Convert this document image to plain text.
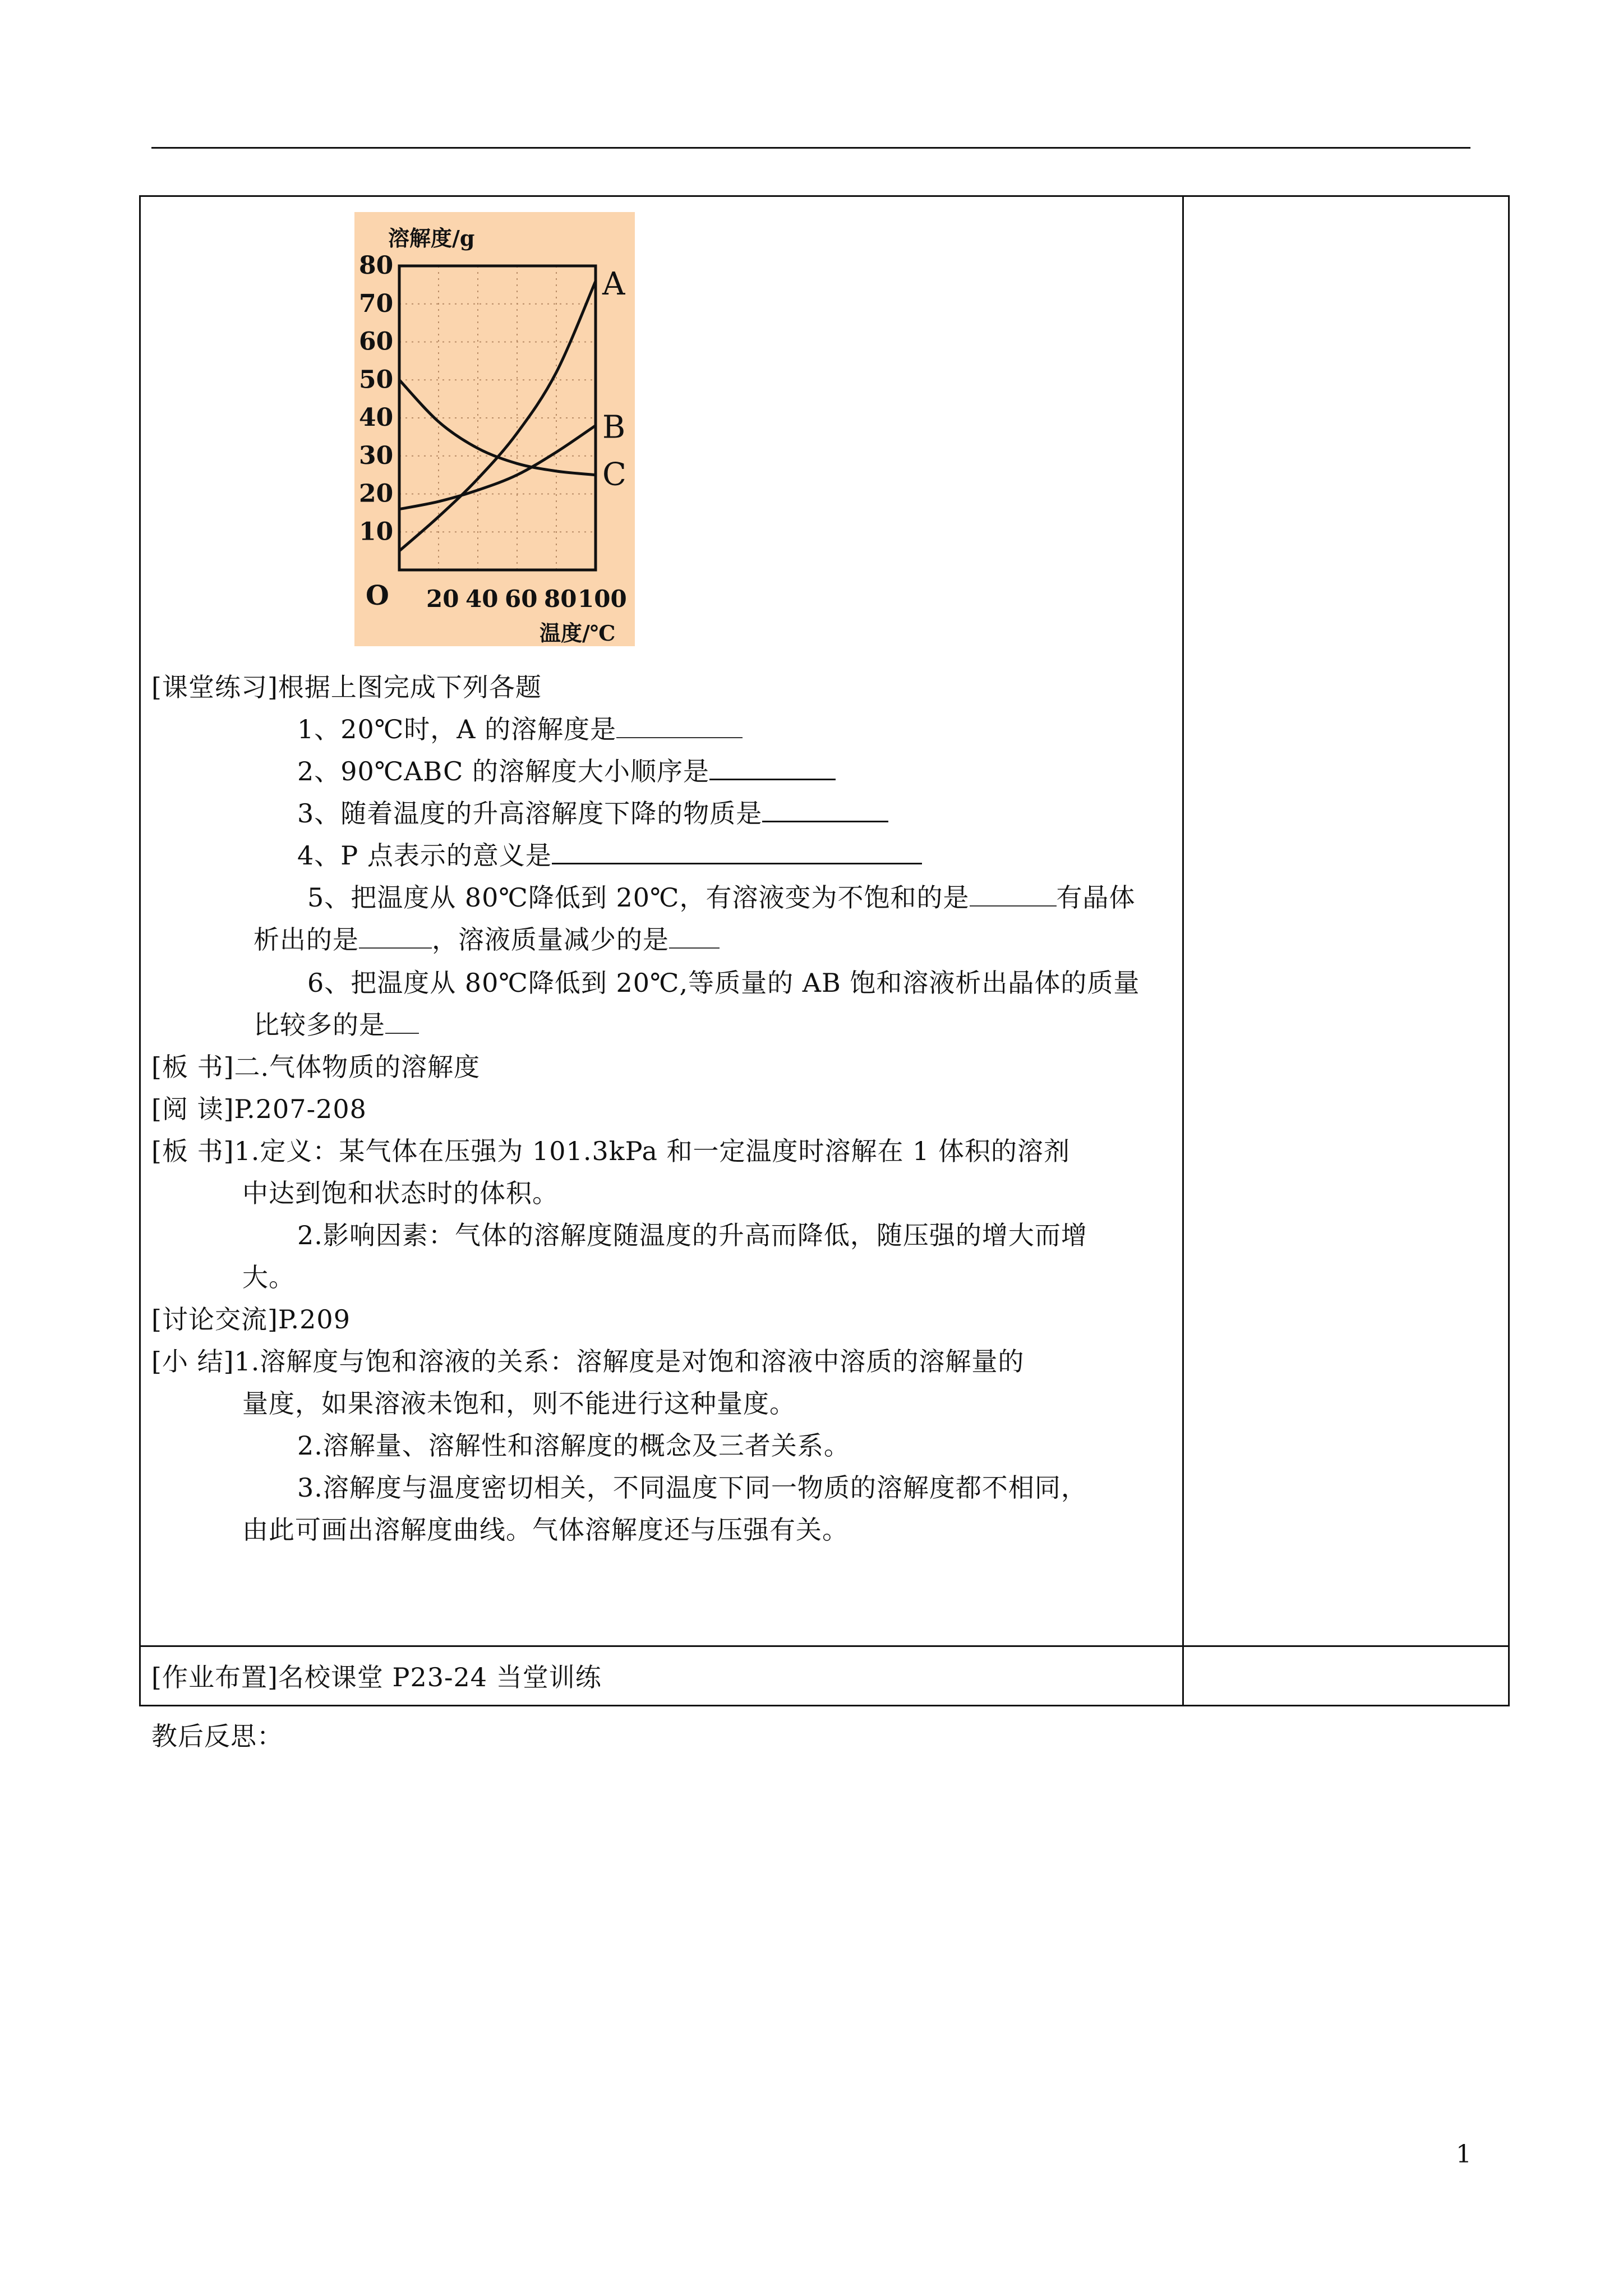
溶解度/g
80
70
60
50
40
30
20
10
O 20 40 60 80 100
温度/℃
A
B
C
[课堂练习]根据上图完成下列各题
1、20℃时，A 的溶解度是
2、90℃ABC 的溶解度大小顺序是
3、随着温度的升高溶解度下降的物质是
4、P 点表示的意义是
5、把温度从 80℃降低到 20℃，有溶液变为不饱和的是	有晶体
析出的是	，溶液质量减少的是
6、把温度从 80℃降低到 20℃,等质量的 AB 饱和溶液析出晶体的质量
比较多的是
[板 书]二.气体物质的溶解度
[阅 读]P.207-208
[板 书]1.定义：某气体在压强为 101.3kPa 和一定温度时溶解在 1 体积的溶剂
中达到饱和状态时的体积。
2.影响因素：气体的溶解度随温度的升高而降低，随压强的增大而增
大。
[讨论交流]P.209
[小 结]1.溶解度与饱和溶液的关系：溶解度是对饱和溶液中溶质的溶解量的
量度，如果溶液未饱和，则不能进行这种量度。
2.溶解量、溶解性和溶解度的概念及三者关系。
3.溶解度与温度密切相关，不同温度下同一物质的溶解度都不相同，
由此可画出溶解度曲线。气体溶解度还与压强有关。
[作业布置]名校课堂 P23-24 当堂训练
教后反思：
1
